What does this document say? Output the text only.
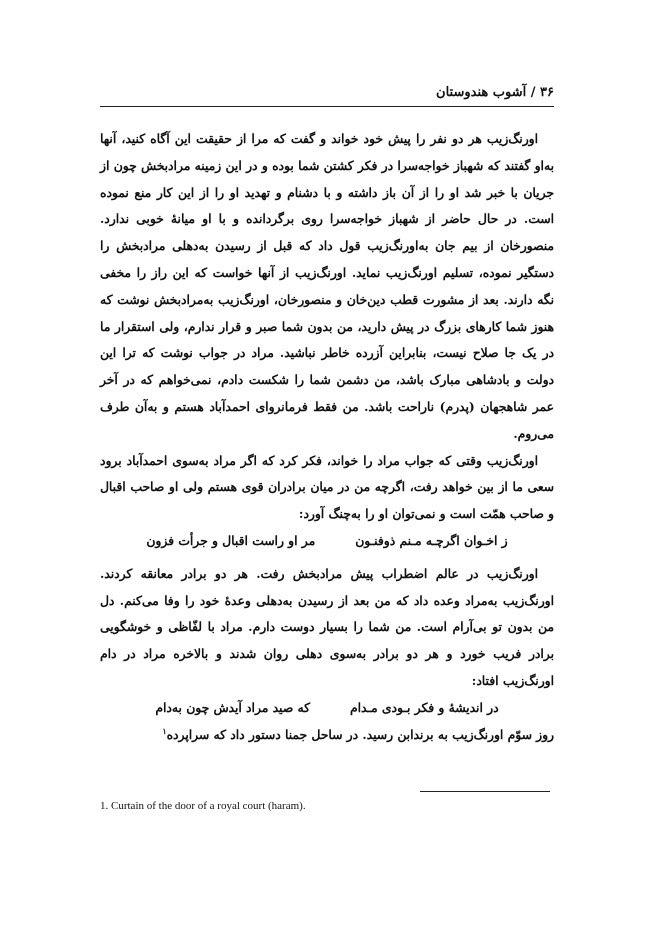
۳۶ / آشوب هندوستان

اورنگ‌زیب هر دو نفر را پیش خود خواند و گفت که مرا از حقیقت این آگاه کنید، آنها به‌او گفتند که شهباز خواجه‌سرا در فکر کشتن شما بوده و در این زمینه مرادبخش چون از جریان با خبر شد او را از آن باز داشته و با دشنام و تهدید او را از این کار منع نموده است. در حال حاضر از شهباز خواجه‌سرا روی برگردانده و با او میانهٔ خوبی ندارد. منصورخان از بیم جان به‌اورنگ‌زیب قول داد که قبل از رسیدن به‌دهلی مرادبخش را دستگیر نموده، تسلیم اورنگ‌زیب نماید. اورنگ‌زیب از آنها خواست که این راز را مخفی نگه دارند. بعد از مشورت قطب دین‌خان و منصورخان، اورنگ‌زیب به‌مرادبخش نوشت که هنوز شما کارهای بزرگ در پیش دارید، من بدون شما صبر و قرار ندارم، ولی استقرار ما در یک جا صلاح نیست، بنابراین آزرده خاطر نباشید. مراد در جواب نوشت که ترا این دولت و بادشاهی مبارک باشد، من دشمن شما را شکست دادم، نمی‌خواهم که در آخر عمر شاهجهان (پدرم) ناراحت باشد. من فقط فرمانروای احمدآباد هستم و به‌آن طرف می‌روم.

اورنگ‌زیب وقتی که جواب مراد را خواند، فکر کرد که اگر مراد به‌سوی احمدآباد برود سعی ما از بین خواهد رفت، اگرچه من در میان برادران قوی هستم ولی او صاحب اقبال و صاحب همّت است و نمی‌توان او را به‌چنگ آورد:

ز اخـوان اگرچـه مـنم ذوفنـون
مر او راست اقبال و جرأت فزون

اورنگ‌زیب در عالم اضطراب پیش مرادبخش رفت. هر دو برادر معانقه کردند. اورنگ‌زیب به‌مراد وعده داد که من بعد از رسیدن به‌دهلی وعدهٔ خود را وفا می‌کنم. دل من بدون تو بی‌آرام است. من شما را بسیار دوست دارم. مراد با لفّاظی و خوشگویی برادر فریب خورد و هر دو برادر به‌سوی دهلی روان شدند و بالاخره مراد در دام اورنگ‌زیب افتاد:

در اندیشهٔ و فکر بـودی مـدام
که صید مراد آیدش چون به‌دام

روز سوّم اورنگ‌زیب به برندابن رسید. در ساحل جمنا دستور داد که سراپرده$^۱$

1. Curtain of the door of a royal court (haram).
